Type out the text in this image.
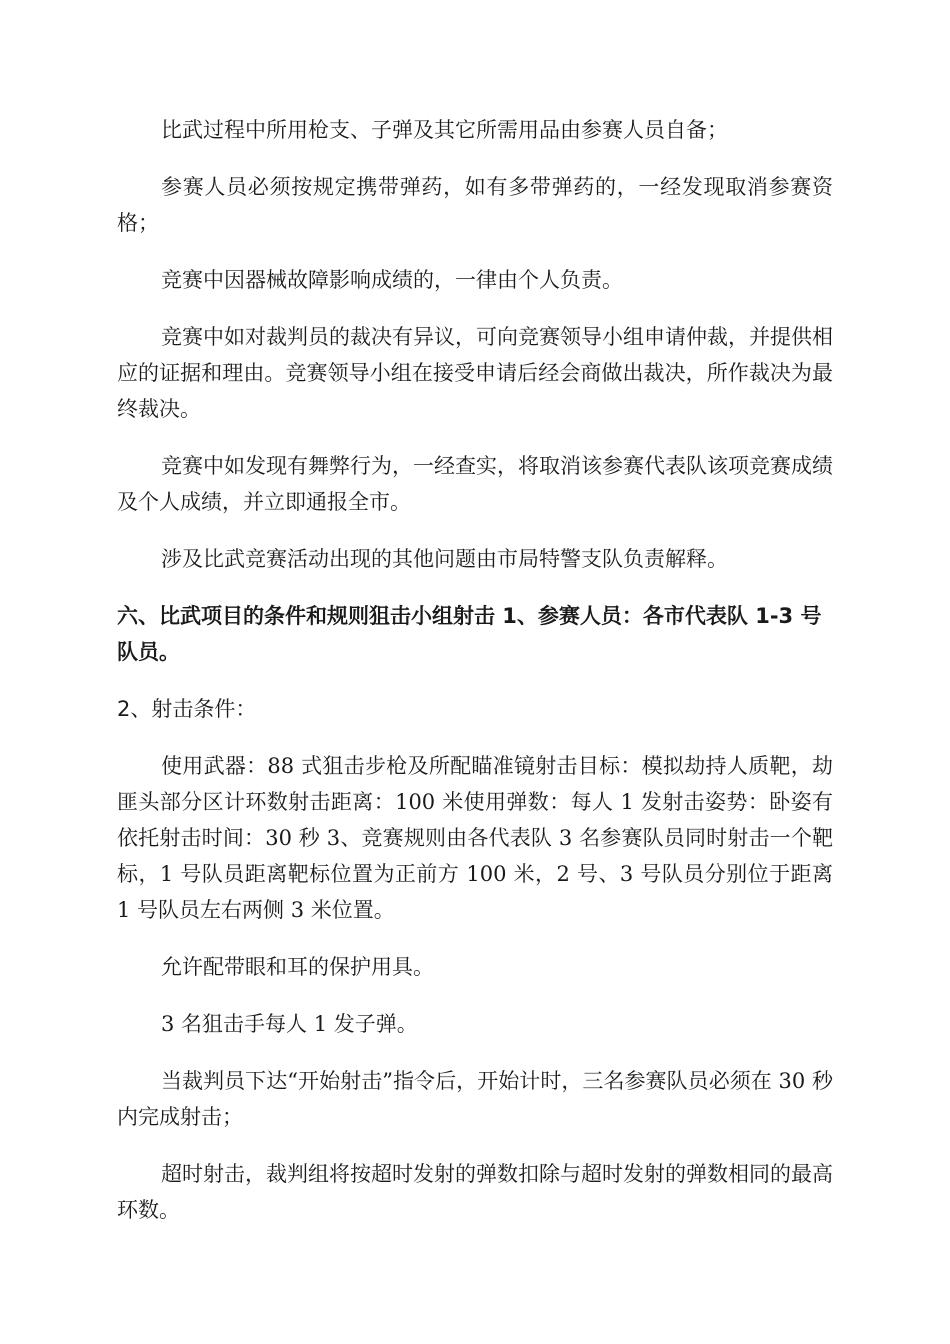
比武过程中所用枪支、子弹及其它所需用品由参赛人员自备；

参赛人员必须按规定携带弹药，如有多带弹药的，一经发现取消参赛资格；

竞赛中因器械故障影响成绩的，一律由个人负责。

竞赛中如对裁判员的裁决有异议，可向竞赛领导小组申请仲裁，并提供相应的证据和理由。竞赛领导小组在接受申请后经会商做出裁决，所作裁决为最终裁决。

竞赛中如发现有舞弊行为，一经查实，将取消该参赛代表队该项竞赛成绩及个人成绩，并立即通报全市。

涉及比武竞赛活动出现的其他问题由市局特警支队负责解释。

六、比武项目的条件和规则狙击小组射击 1、参赛人员：各市代表队 1-3 号队员。

2、射击条件：

使用武器：88 式狙击步枪及所配瞄准镜射击目标：模拟劫持人质靶，劫匪头部分区计环数射击距离：100 米使用弹数：每人 1 发射击姿势：卧姿有依托射击时间：30 秒 3、竞赛规则由各代表队 3 名参赛队员同时射击一个靶标，1 号队员距离靶标位置为正前方 100 米，2 号、3 号队员分别位于距离 1 号队员左右两侧 3 米位置。

允许配带眼和耳的保护用具。

3 名狙击手每人 1 发子弹。

当裁判员下达“开始射击”指令后，开始计时，三名参赛队员必须在 30 秒内完成射击；

超时射击，裁判组将按超时发射的弹数扣除与超时发射的弹数相同的最高环数。
